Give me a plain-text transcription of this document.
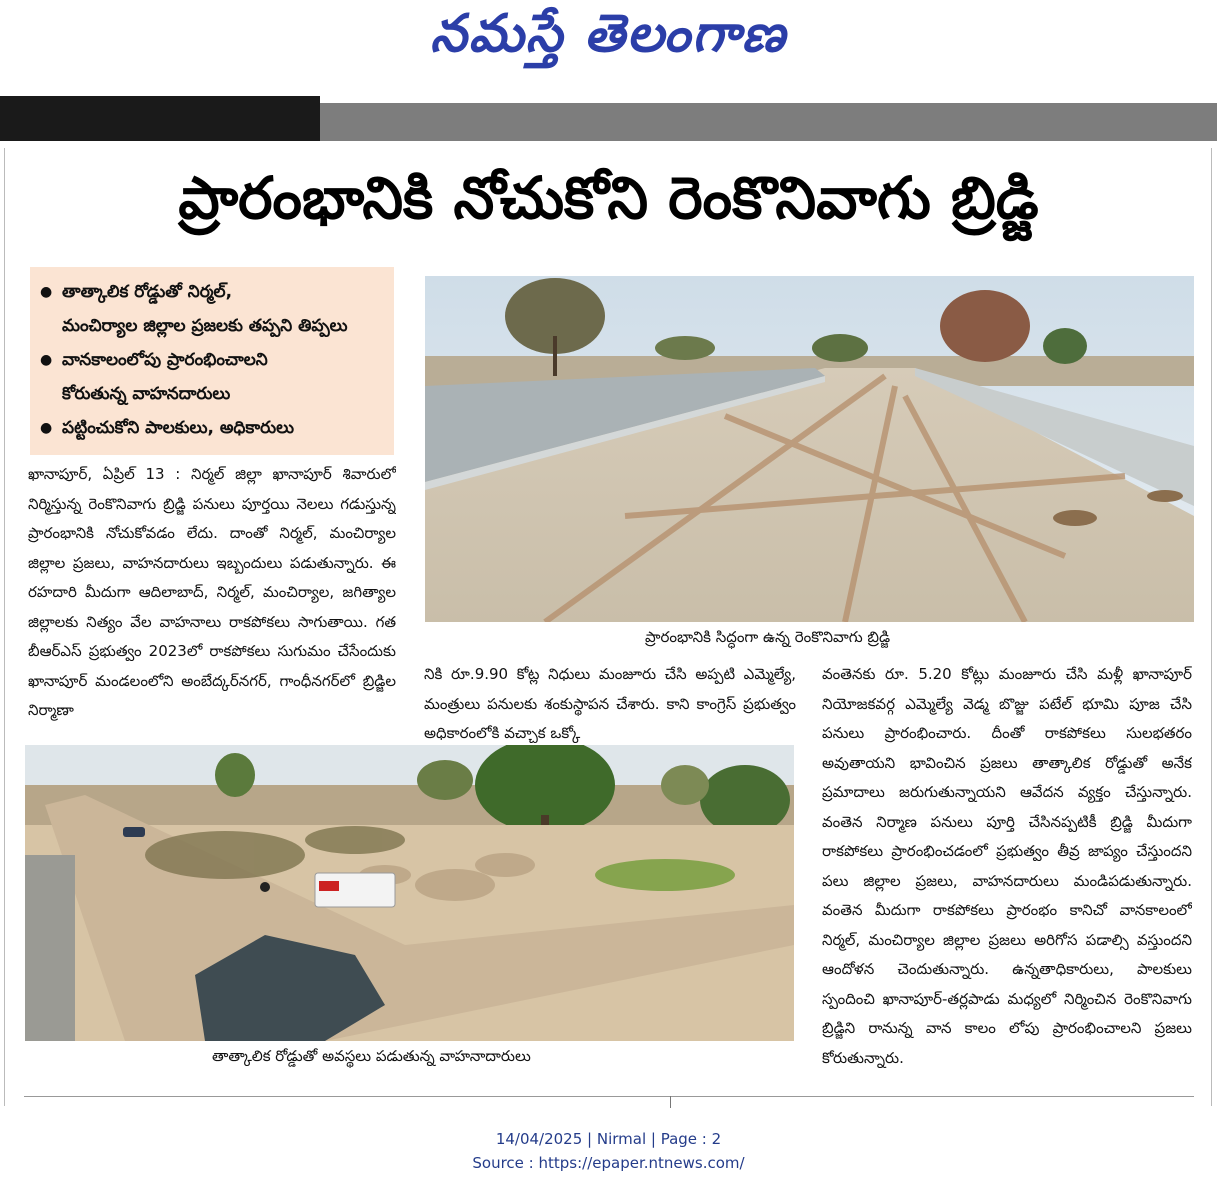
నమస్తే తెలంగాణ
ప్రారంభానికి నోచుకోని రెంకొనివాగు బ్రిడ్జి
● తాత్కాలిక రోడ్డుతో నిర్మల్,
మంచిర్యాల జిల్లాల ప్రజలకు తప్పని తిప్పలు
● వానకాలంలోపు ప్రారంభించాలని
కోరుతున్న వాహనదారులు
● పట్టించుకోని పాలకులు, అధికారులు
ప్రారంభానికి సిద్ధంగా ఉన్న రెంకొనివాగు బ్రిడ్జి
ఖానాపూర్, ఏప్రిల్ 13 : నిర్మల్ జిల్లా ఖానాపూర్ శివారులో నిర్మిస్తున్న రెంకొనివాగు బ్రిడ్జి పనులు పూర్తయి నెలలు గడుస్తున్న ప్రారంభానికి నోచుకోవడం లేదు. దాంతో నిర్మల్, మంచిర్యాల జిల్లాల ప్రజలు, వాహనదారులు ఇబ్బందులు పడుతున్నారు. ఈ రహదారి మీదుగా ఆదిలాబాద్, నిర్మల్, మంచిర్యాల, జగిత్యాల జిల్లాలకు నిత్యం వేల వాహనాలు రాకపోకలు సాగుతాయి. గత బీఆర్ఎస్ ప్రభుత్వం 2023లో రాకపోకలు సుగుమం చేసేందుకు ఖానాపూర్ మండలంలోని అంబేద్కర్‌నగర్, గాంధీనగర్‌లో బ్రిడ్జిల నిర్మాణా
నికి రూ.9.90 కోట్ల నిధులు మంజూరు చేసి అప్పటి ఎమ్మెల్యే, మంత్రులు పనులకు శంకుస్థాపన చేశారు. కాని కాంగ్రెస్ ప్రభుత్వం అధికారంలోకి వచ్చాక ఒక్కో
వంతెనకు రూ. 5.20 కోట్లు మంజూరు చేసి మళ్లీ ఖానాపూర్ నియోజకవర్గ ఎమ్మెల్యే వెడ్మ బొజ్జు పటేల్ భూమి పూజ చేసి పనులు ప్రారంభించారు. దీంతో రాకపోకలు సులభతరం అవుతాయని భావించిన ప్రజలు తాత్కాలిక రోడ్డుతో అనేక ప్రమాదాలు జరుగుతున్నాయని ఆవేదన వ్యక్తం చేస్తున్నారు. వంతెన నిర్మాణ పనులు పూర్తి చేసినప్పటికీ బ్రిడ్జి మీదుగా రాకపోకలు ప్రారంభించడంలో ప్రభుత్వం తీవ్ర జాప్యం చేస్తుందని పలు జిల్లాల ప్రజలు, వాహనదారులు మండిపడుతున్నారు. వంతెన మీదుగా రాకపోకలు ప్రారంభం కానిచో వానకాలంలో నిర్మల్, మంచిర్యాల జిల్లాల ప్రజలు అరిగోస పడాల్సి వస్తుందని ఆందోళన చెందుతున్నారు. ఉన్నతాధికారులు, పాలకులు స్పందించి ఖానాపూర్-తర్లపాడు మధ్యలో నిర్మించిన రెంకొనివాగు బ్రిడ్జిని రానున్న వాన కాలం లోపు ప్రారంభించాలని ప్రజలు కోరుతున్నారు.
తాత్కాలిక రోడ్డుతో అవస్థలు పడుతున్న వాహనాదారులు
14/04/2025 | Nirmal | Page : 2
Source : https://epaper.ntnews.com/
